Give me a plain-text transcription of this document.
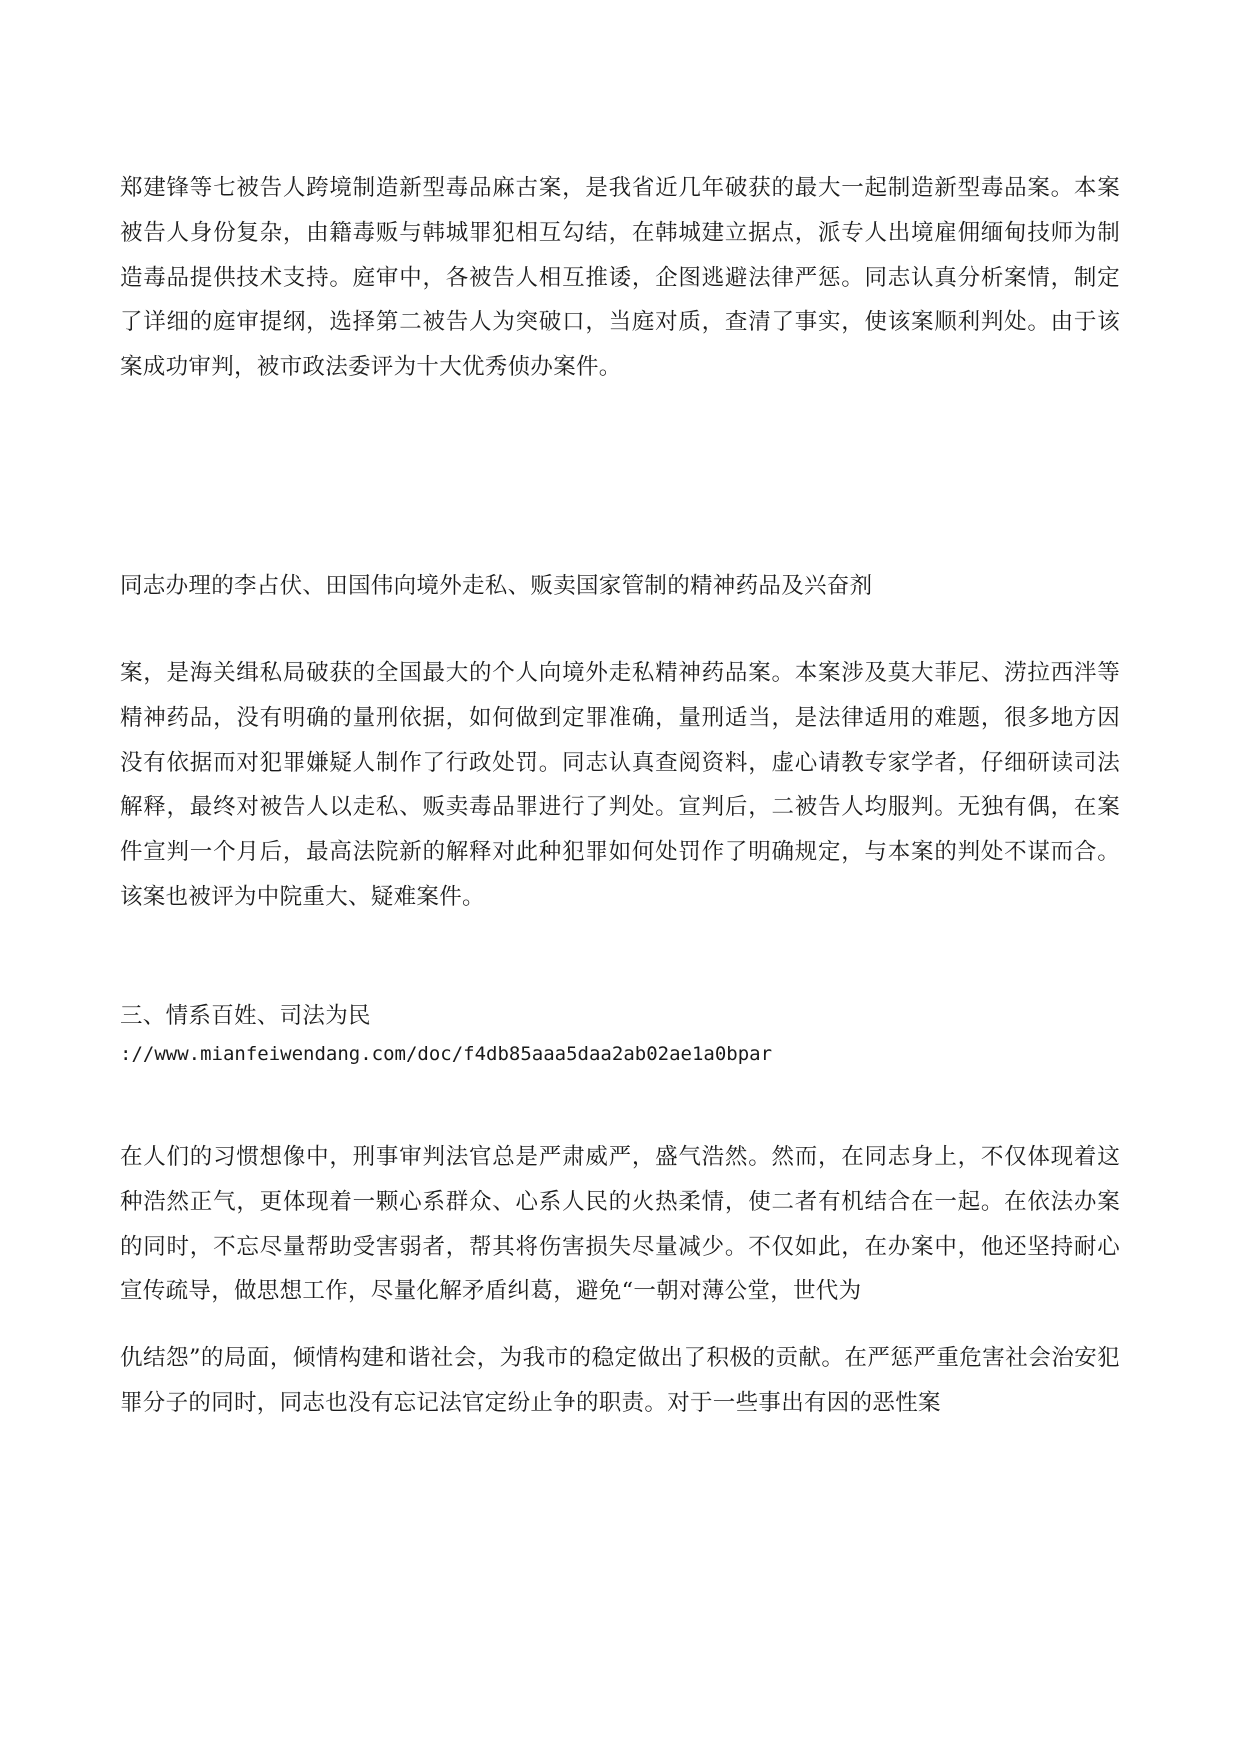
郑建锋等七被告人跨境制造新型毒品麻古案，是我省近几年破获的最大一起制造新型毒品案。本案被告人身份复杂，由籍毒贩与韩城罪犯相互勾结，在韩城建立据点，派专人出境雇佣缅甸技师为制造毒品提供技术支持。庭审中，各被告人相互推诿，企图逃避法律严惩。同志认真分析案情，制定了详细的庭审提纲，选择第二被告人为突破口，当庭对质，查清了事实，使该案顺利判处。由于该案成功审判，被市政法委评为十大优秀侦办案件。

同志办理的李占伏、田国伟向境外走私、贩卖国家管制的精神药品及兴奋剂

案，是海关缉私局破获的全国最大的个人向境外走私精神药品案。本案涉及莫大菲尼、涝拉西泮等精神药品，没有明确的量刑依据，如何做到定罪准确，量刑适当，是法律适用的难题，很多地方因没有依据而对犯罪嫌疑人制作了行政处罚。同志认真查阅资料，虚心请教专家学者，仔细研读司法解释，最终对被告人以走私、贩卖毒品罪进行了判处。宣判后，二被告人均服判。无独有偶，在案件宣判一个月后，最高法院新的解释对此种犯罪如何处罚作了明确规定，与本案的判处不谋而合。该案也被评为中院重大、疑难案件。

三、情系百姓、司法为民

://www.mianfeiwendang.com/doc/f4db85aaa5daa2ab02ae1a0bpar

在人们的习惯想像中，刑事审判法官总是严肃威严，盛气浩然。然而，在同志身上，不仅体现着这种浩然正气，更体现着一颗心系群众、心系人民的火热柔情，使二者有机结合在一起。在依法办案的同时，不忘尽量帮助受害弱者，帮其将伤害损失尽量减少。不仅如此，在办案中，他还坚持耐心宣传疏导，做思想工作，尽量化解矛盾纠葛，避免“一朝对薄公堂，世代为

仇结怨”的局面，倾情构建和谐社会，为我市的稳定做出了积极的贡献。在严惩严重危害社会治安犯罪分子的同时，同志也没有忘记法官定纷止争的职责。对于一些事出有因的恶性案
